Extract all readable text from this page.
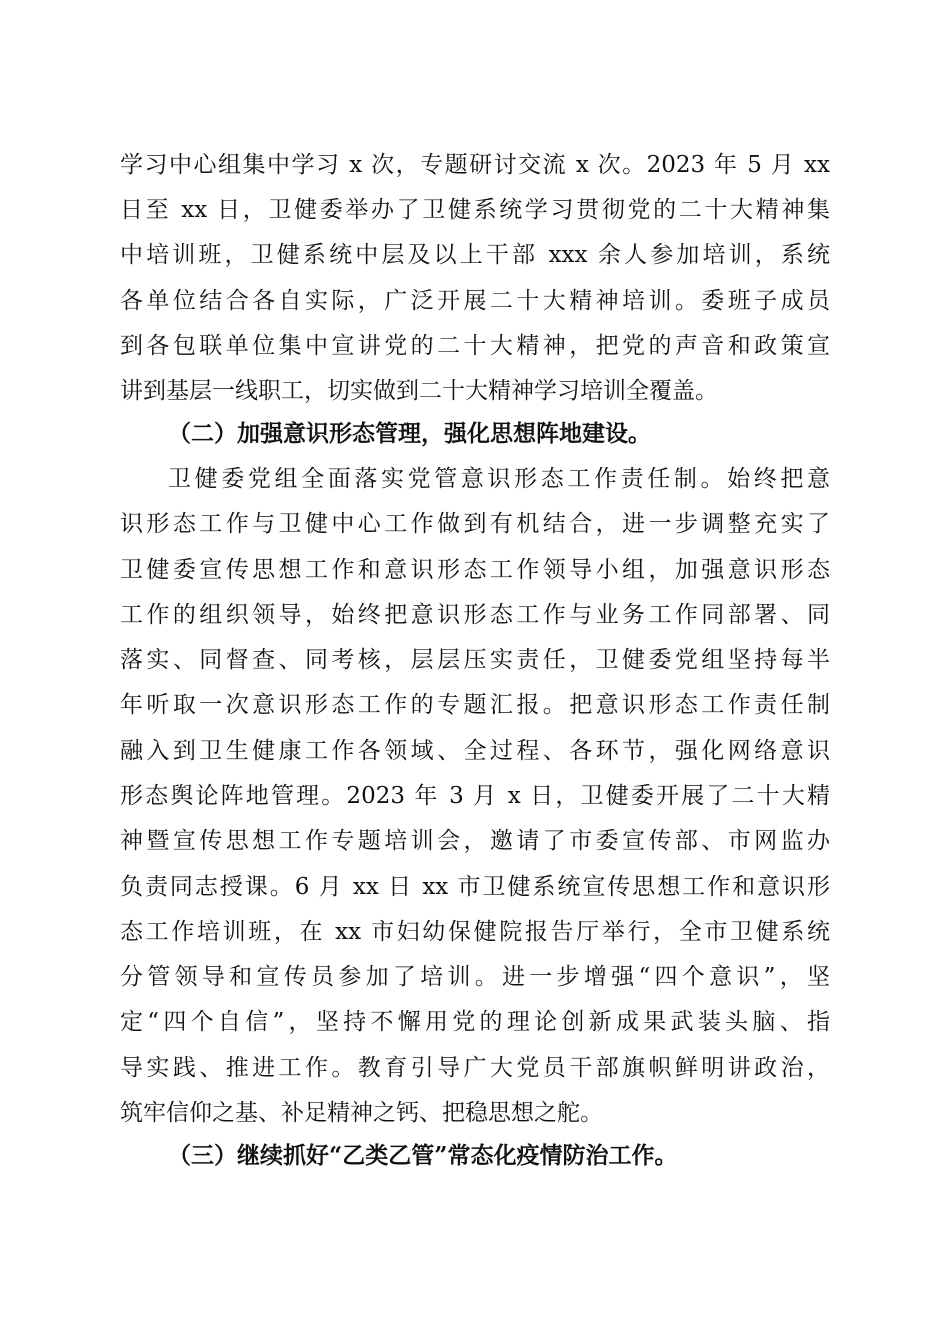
学习中心组集中学习 x 次，专题研讨交流 x 次。2023 年 5 月 xx
日至 xx 日，卫健委举办了卫健系统学习贯彻党的二十大精神集
中培训班，卫健系统中层及以上干部 xxx 余人参加培训，系统
各单位结合各自实际，广泛开展二十大精神培训。委班子成员
到各包联单位集中宣讲党的二十大精神，把党的声音和政策宣
讲到基层一线职工，切实做到二十大精神学习培训全覆盖。
（二）加强意识形态管理，强化思想阵地建设。
卫健委党组全面落实党管意识形态工作责任制。始终把意
识形态工作与卫健中心工作做到有机结合，进一步调整充实了
卫健委宣传思想工作和意识形态工作领导小组，加强意识形态
工作的组织领导，始终把意识形态工作与业务工作同部署、同
落实、同督查、同考核，层层压实责任，卫健委党组坚持每半
年听取一次意识形态工作的专题汇报。把意识形态工作责任制
融入到卫生健康工作各领域、全过程、各环节，强化网络意识
形态舆论阵地管理。2023 年 3 月 x 日，卫健委开展了二十大精
神暨宣传思想工作专题培训会，邀请了市委宣传部、市网监办
负责同志授课。6 月 xx 日 xx 市卫健系统宣传思想工作和意识形
态工作培训班，在 xx 市妇幼保健院报告厅举行，全市卫健系统
分管领导和宣传员参加了培训。进一步增强“四个意识”，坚
定“四个自信”，坚持不懈用党的理论创新成果武装头脑、指
导实践、推进工作。教育引导广大党员干部旗帜鲜明讲政治，
筑牢信仰之基、补足精神之钙、把稳思想之舵。
（三）继续抓好“乙类乙管”常态化疫情防治工作。
